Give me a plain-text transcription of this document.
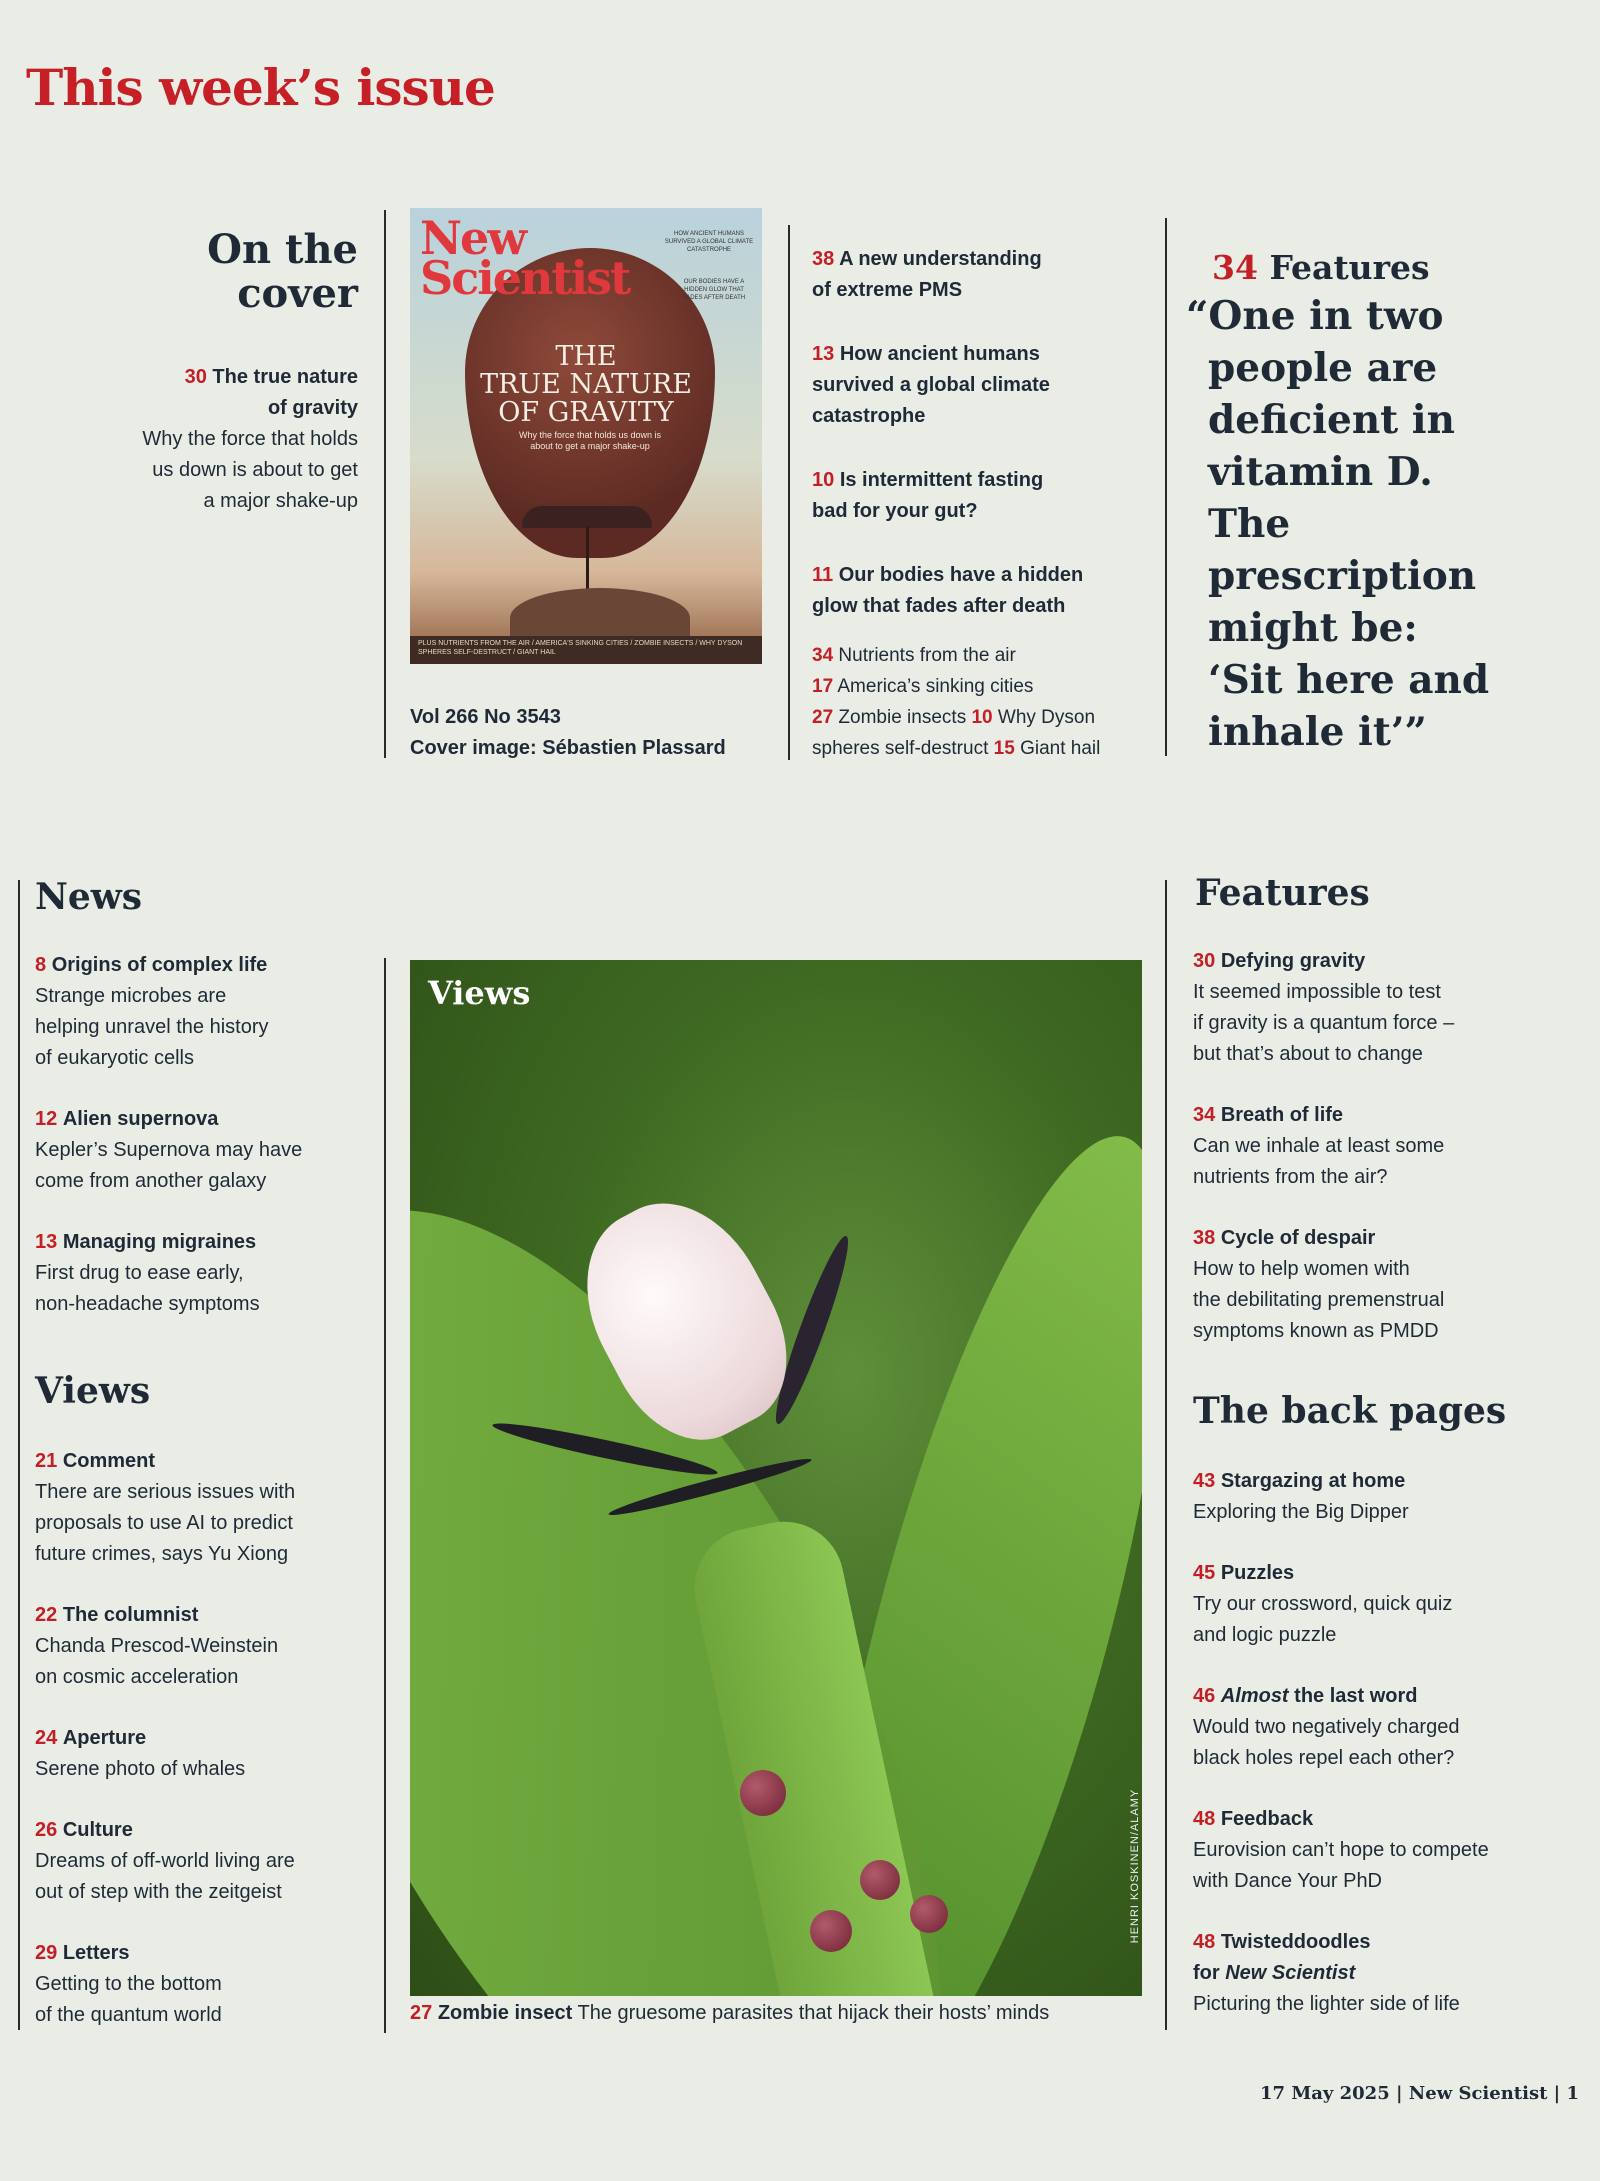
This week’s issue
On the
cover
30 The true nature
of gravity
Why the force that holds
us down is about to get
a major shake-up
New
Scientist
HOW ANCIENT HUMANS SURVIVED A GLOBAL CLIMATE CATASTROPHE
OUR BODIES HAVE A HIDDEN GLOW THAT FADES AFTER DEATH
THE
TRUE NATURE
OF GRAVITY
Why the force that holds us down is about to get a major shake-up
PLUS NUTRIENTS FROM THE AIR / AMERICA'S SINKING CITIES / ZOMBIE INSECTS / WHY DYSON SPHERES SELF-DESTRUCT / GIANT HAIL
Vol 266 No 3543
Cover image: Sébastien Plassard
38 A new understanding
of extreme PMS
13 How ancient humans
survived a global climate
catastrophe
10 Is intermittent fasting
bad for your gut?
11 Our bodies have a hidden
glow that fades after death
34 Nutrients from the air
17 America’s sinking cities
27 Zombie insects 10 Why Dyson
spheres self-destruct 15 Giant hail
34 Features
“One in two
people are
deficient in
vitamin D.
The prescription
might be:
‘Sit here and
inhale it’”
News
8 Origins of complex life
Strange microbes are
helping unravel the history
of eukaryotic cells
12 Alien supernova
Kepler’s Supernova may have
come from another galaxy
13 Managing migraines
First drug to ease early,
non-headache symptoms
Views
21 Comment
There are serious issues with
proposals to use AI to predict
future crimes, says Yu Xiong
22 The columnist
Chanda Prescod-Weinstein
on cosmic acceleration
24 Aperture
Serene photo of whales
26 Culture
Dreams of off-world living are
out of step with the zeitgeist
29 Letters
Getting to the bottom
of the quantum world
Views
HENRI KOSKINEN/ALAMY
27 Zombie insect The gruesome parasites that hijack their hosts’ minds
Features
30 Defying gravity
It seemed impossible to test
if gravity is a quantum force –
but that’s about to change
34 Breath of life
Can we inhale at least some
nutrients from the air?
38 Cycle of despair
How to help women with
the debilitating premenstrual
symptoms known as PMDD
The back pages
43 Stargazing at home
Exploring the Big Dipper
45 Puzzles
Try our crossword, quick quiz
and logic puzzle
46 Almost the last word
Would two negatively charged
black holes repel each other?
48 Feedback
Eurovision can’t hope to compete
with Dance Your PhD
48 Twisteddoodles
for New Scientist
Picturing the lighter side of life
17 May 2025 | New Scientist | 1
